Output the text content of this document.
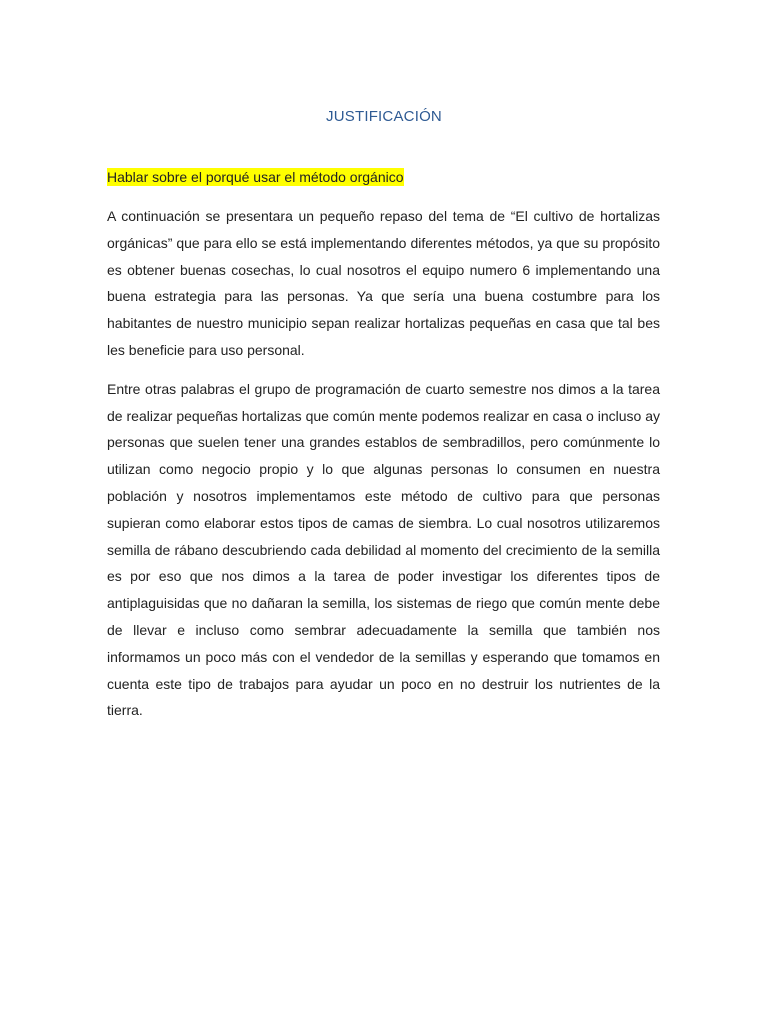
JUSTIFICACIÓN

Hablar sobre el porqué usar el método orgánico

A continuación se presentara un pequeño repaso del tema de “El cultivo de hortalizas orgánicas” que para ello se está implementando diferentes métodos, ya que su propósito es obtener buenas cosechas, lo cual nosotros el equipo numero 6 implementando una buena estrategia para las personas. Ya que sería una buena costumbre para los habitantes de nuestro municipio sepan realizar hortalizas pequeñas en casa que tal bes les beneficie para uso personal.

Entre otras palabras el grupo de programación de cuarto semestre nos dimos a la tarea de realizar pequeñas hortalizas que común mente podemos realizar en casa o incluso ay personas que suelen tener una grandes establos de sembradillos, pero comúnmente lo utilizan como negocio propio y lo que algunas personas lo consumen en nuestra población y nosotros implementamos este método de cultivo para que personas supieran como elaborar estos tipos de camas de siembra. Lo cual nosotros utilizaremos semilla de rábano descubriendo cada debilidad al momento del crecimiento de la semilla es por eso que nos dimos a la tarea de poder investigar los diferentes tipos de antiplaguisidas que no dañaran la semilla, los sistemas de riego que común mente debe de llevar e incluso como sembrar adecuadamente la semilla que también nos informamos un poco más con el vendedor de la semillas y esperando que tomamos en cuenta este tipo de trabajos para ayudar un poco en no destruir los nutrientes de la tierra.
